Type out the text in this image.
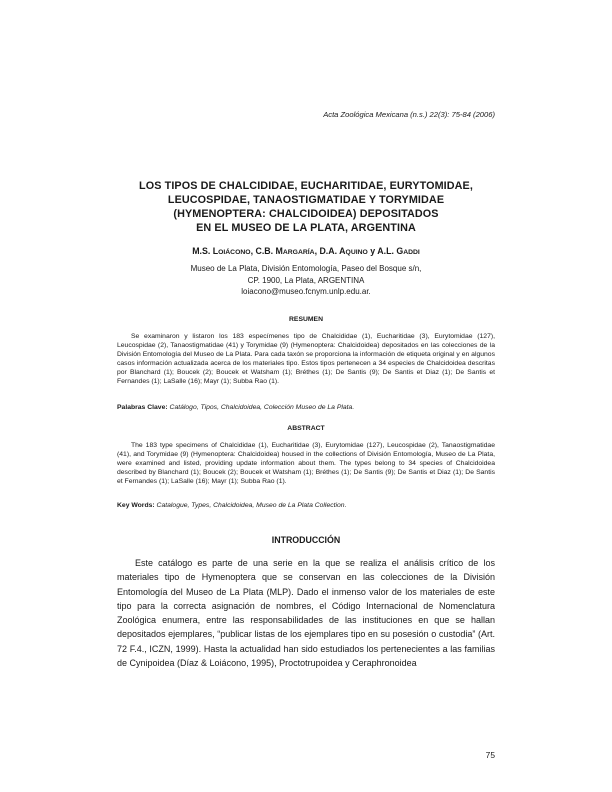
Acta Zoológica Mexicana (n.s.) 22(3): 75-84 (2006)
LOS TIPOS DE CHALCIDIDAE, EUCHARITIDAE, EURYTOMIDAE,
LEUCOSPIDAE, TANAOSTIGMATIDAE Y TORYMIDAE
(HYMENOPTERA: CHALCIDOIDEA) DEPOSITADOS
EN EL MUSEO DE LA PLATA, ARGENTINA
M.S. LOIÁCONO, C.B. MARGARÍA, D.A. AQUINO y A.L. GADDI
Museo de La Plata, División Entomología, Paseo del Bosque s/n,
CP. 1900, La Plata, ARGENTINA
loiacono@museo.fcnym.unlp.edu.ar.
RESUMEN

Se examinaron y listaron los 183 especímenes tipo de Chalcididae (1), Eucharitidae (3), Eurytomidae (127), Leucospidae (2), Tanaostigmatidae (41) y Torymidae (9) (Hymenoptera: Chalcidoidea) depositados en las colecciones de la División Entomología del Museo de La Plata. Para cada taxón se proporciona la información de etiqueta original y en algunos casos información actualizada acerca de los materiales tipo. Estos tipos pertenecen a 34 especies de Chalcidoidea descritas por Blanchard (1); Boucek (2); Boucek et Watsham (1); Bréthes (1); De Santis (9); De Santis et Diaz (1); De Santis et Fernandes (1); LaSalle (16); Mayr (1); Subba Rao (1).

Palabras Clave: Catálogo, Tipos, Chalcidoidea, Colección Museo de La Plata.

ABSTRACT

The 183 type specimens of Chalcididae (1), Eucharitidae (3), Eurytomidae (127), Leucospidae (2), Tanaostigmatidae (41), and Torymidae (9) (Hymenoptera: Chalcidoidea) housed in the collections of División Entomología, Museo de La Plata, were examined and listed, providing update information about them. The types belong to 34 species of Chalcidoidea described by Blanchard (1); Boucek (2); Boucek et Watsham (1); Bréthes (1); De Santis (9); De Santis et Diaz (1); De Santis et Fernandes (1); LaSalle (16); Mayr (1); Subba Rao (1).

Key Words: Catalogue, Types, Chalcidoidea, Museo de La Plata Collection.

INTRODUCCIÓN

Este catálogo es parte de una serie en la que se realiza el análisis crítico de los materiales tipo de Hymenoptera que se conservan en las colecciones de la División Entomología del Museo de La Plata (MLP). Dado el inmenso valor de los materiales de este tipo para la correcta asignación de nombres, el Código Internacional de Nomenclatura Zoológica enumera, entre las responsabilidades de las instituciones en que se hallan depositados ejemplares, “publicar listas de los ejemplares tipo en su posesión o custodia” (Art. 72 F.4., ICZN, 1999). Hasta la actualidad han sido estudiados los pertenecientes a las familias de Cynipoidea (Díaz & Loiácono, 1995), Proctotrupoidea y Ceraphronoidea

75
